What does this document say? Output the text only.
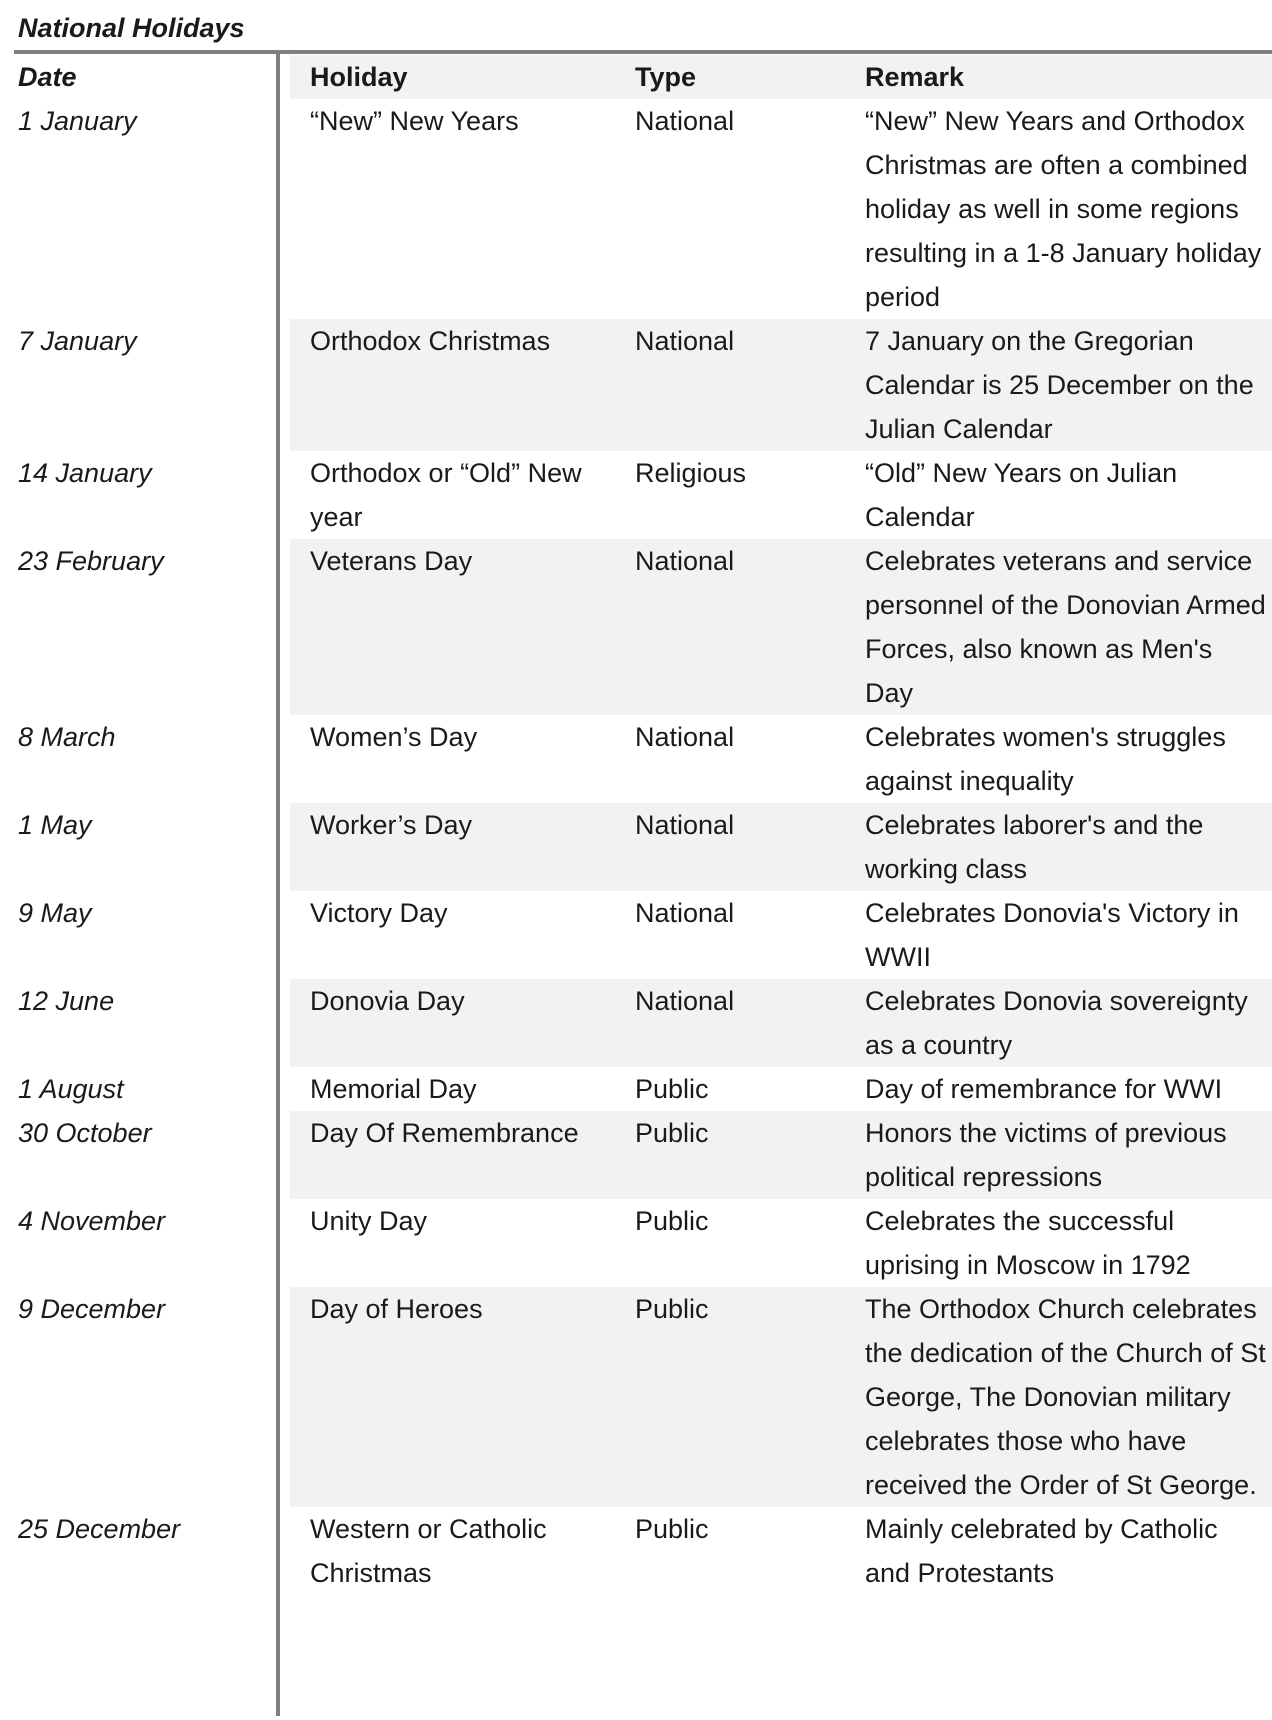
National Holidays
Date	Holiday	Type	Remark
1 January	“New” New Years	National	“New” New Years and Orthodox Christmas are often a combined holiday as well in some regions resulting in a 1-8 January holiday period
7 January	Orthodox Christmas	National	7 January on the Gregorian Calendar is 25 December on the Julian Calendar
14 January	Orthodox or “Old” New year	Religious	“Old” New Years on Julian Calendar
23 February	Veterans Day	National	Celebrates veterans and service personnel of the Donovian Armed Forces, also known as Men's Day
8 March	Women’s Day	National	Celebrates women's struggles against inequality
1 May	Worker’s Day	National	Celebrates laborer's and the working class
9 May	Victory Day	National	Celebrates Donovia's Victory in WWII
12 June	Donovia Day	National	Celebrates Donovia sovereignty as a country
1 August	Memorial Day	Public	Day of remembrance for WWI
30 October	Day Of Remembrance	Public	Honors the victims of previous political repressions
4 November	Unity Day	Public	Celebrates the successful uprising in Moscow in 1792
9 December	Day of Heroes	Public	The Orthodox Church celebrates the dedication of the Church of St George, The Donovian military celebrates those who have received the Order of St George.
25 December	Western or Catholic Christmas	Public	Mainly celebrated by Catholic and Protestants
